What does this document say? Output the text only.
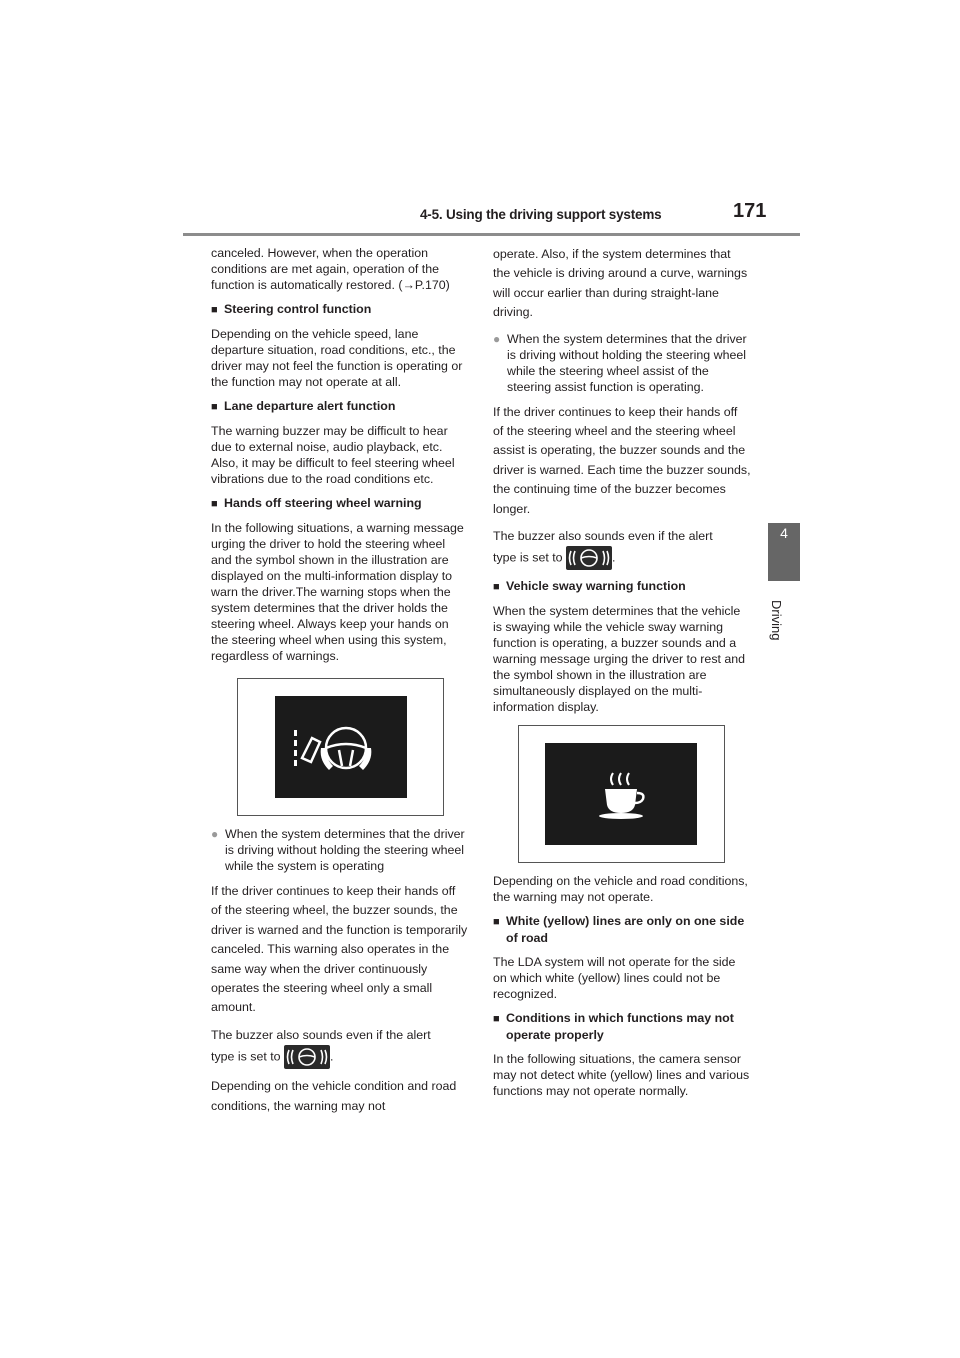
4-5. Using the driving support systems	171
4
Driving

canceled. However, when the operation conditions are met again, operation of the function is automatically restored. (→P.170)

■ Steering control function

Depending on the vehicle speed, lane departure situation, road conditions, etc., the driver may not feel the function is operating or the function may not operate at all.

■ Lane departure alert function

The warning buzzer may be difficult to hear due to external noise, audio playback, etc. Also, it may be difficult to feel steering wheel vibrations due to the road conditions etc.

■ Hands off steering wheel warning

In the following situations, a warning message urging the driver to hold the steering wheel and the symbol shown in the illustration are displayed on the multi-information display to warn the driver.The warning stops when the system determines that the driver holds the steering wheel. Always keep your hands on the steering wheel when using this system, regardless of warnings.

● When the system determines that the driver is driving without holding the steering wheel while the system is operating

If the driver continues to keep their hands off of the steering wheel, the buzzer sounds, the driver is warned and the function is temporarily canceled. This warning also operates in the same way when the driver continuously operates the steering wheel only a small amount.

The buzzer also sounds even if the alert
type is set to	.

Depending on the vehicle condition and road conditions, the warning may not

operate. Also, if the system determines that the vehicle is driving around a curve, warnings will occur earlier than during straight-lane driving.

● When the system determines that the driver is driving without holding the steering wheel while the steering wheel assist of the steering assist function is operating.

If the driver continues to keep their hands off of the steering wheel and the steering wheel assist is operating, the buzzer sounds and the driver is warned. Each time the buzzer sounds, the continuing time of the buzzer becomes longer.

The buzzer also sounds even if the alert
type is set to	.

■ Vehicle sway warning function

When the system determines that the vehicle is swaying while the vehicle sway warning function is operating, a buzzer sounds and a warning message urging the driver to rest and the symbol shown in the illustration are simultaneously displayed on the multi-information display.

Depending on the vehicle and road conditions, the warning may not operate.

■ White (yellow) lines are only on one side of road

The LDA system will not operate for the side on which white (yellow) lines could not be recognized.

■ Conditions in which functions may not operate properly

In the following situations, the camera sensor may not detect white (yellow) lines and various functions may not operate normally.
